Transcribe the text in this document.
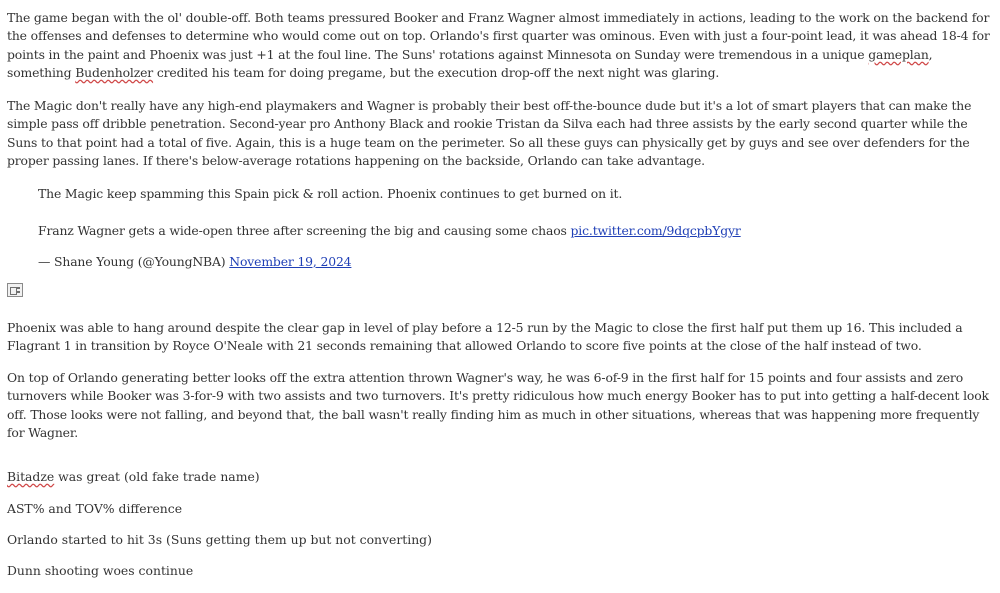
The game began with the ol' double-off. Both teams pressured Booker and Franz Wagner almost immediately in actions, leading to the work on the backend for the offenses and defenses to determine who would come out on top. Orlando's first quarter was ominous. Even with just a four-point lead, it was ahead 18-4 for points in the paint and Phoenix was just +1 at the foul line. The Suns' rotations against Minnesota on Sunday were tremendous in a unique gameplan, something Budenholzer credited his team for doing pregame, but the execution drop-off the next night was glaring.

The Magic don't really have any high-end playmakers and Wagner is probably their best off-the-bounce dude but it's a lot of smart players that can make the simple pass off dribble penetration. Second-year pro Anthony Black and rookie Tristan da Silva each had three assists by the early second quarter while the Suns to that point had a total of five. Again, this is a huge team on the perimeter. So all these guys can physically get by guys and see over defenders for the proper passing lanes. If there's below-average rotations happening on the backside, Orlando can take advantage.

The Magic keep spamming this Spain pick & roll action. Phoenix continues to get burned on it.

Franz Wagner gets a wide-open three after screening the big and causing some chaos pic.twitter.com/9dqcpbYgyr

— Shane Young (@YoungNBA) November 19, 2024

Phoenix was able to hang around despite the clear gap in level of play before a 12-5 run by the Magic to close the first half put them up 16. This included a Flagrant 1 in transition by Royce O'Neale with 21 seconds remaining that allowed Orlando to score five points at the close of the half instead of two.

On top of Orlando generating better looks off the extra attention thrown Wagner's way, he was 6-of-9 in the first half for 15 points and four assists and zero turnovers while Booker was 3-for-9 with two assists and two turnovers. It's pretty ridiculous how much energy Booker has to put into getting a half-decent look off. Those looks were not falling, and beyond that, the ball wasn't really finding him as much in other situations, whereas that was happening more frequently for Wagner.

Bitadze was great (old fake trade name)

AST% and TOV% difference

Orlando started to hit 3s (Suns getting them up but not converting)

Dunn shooting woes continue
